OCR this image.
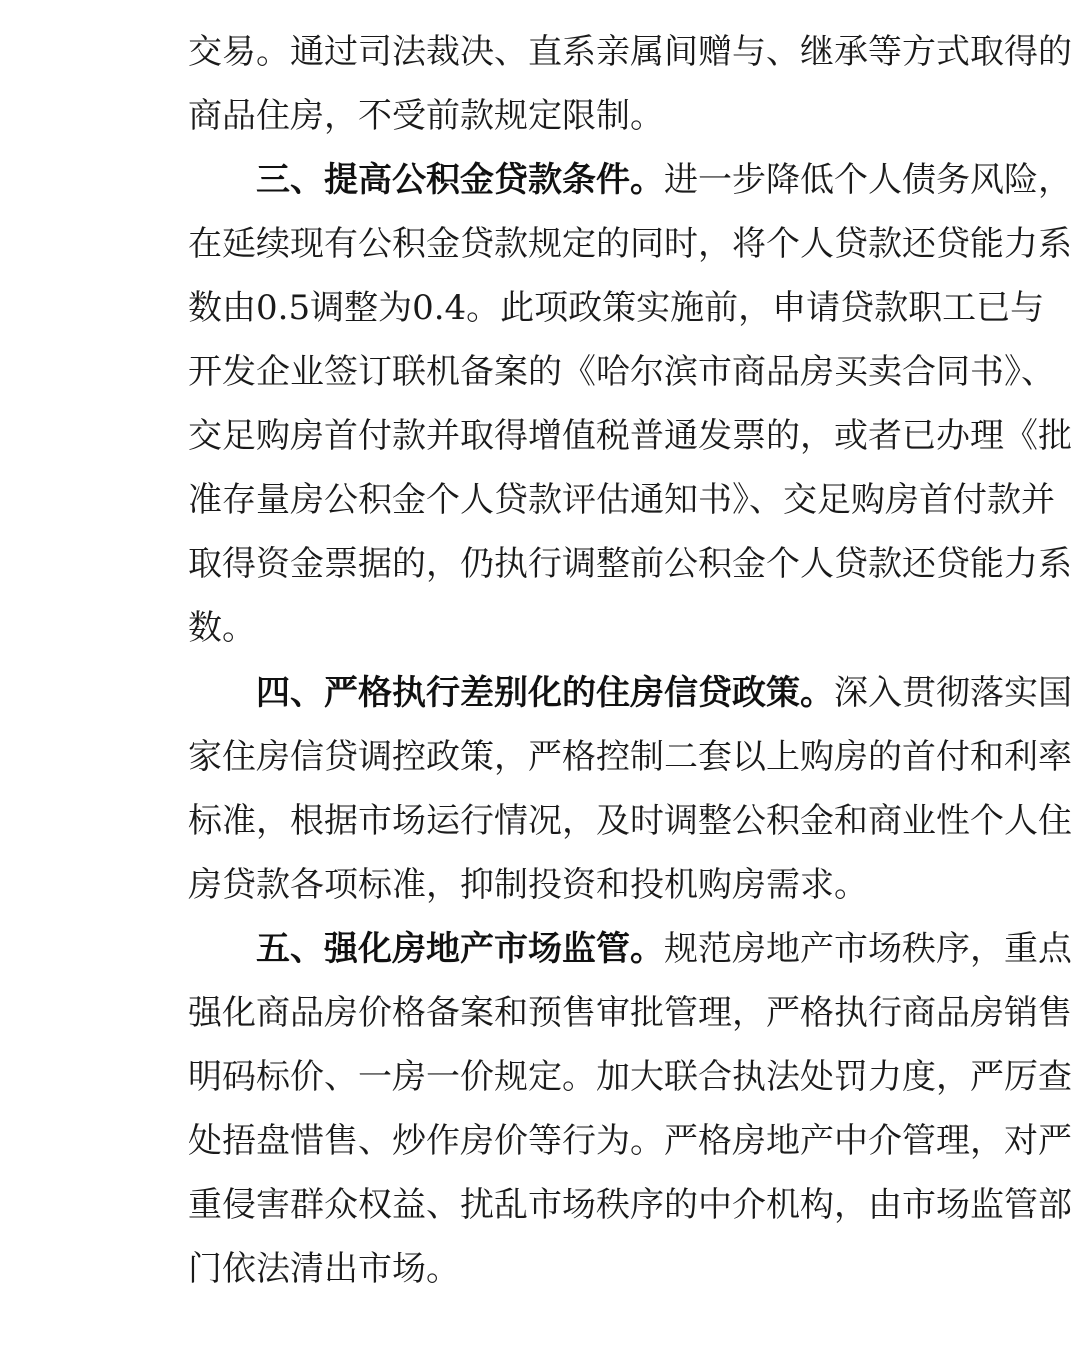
交易。通过司法裁决、直系亲属间赠与、继承等方式取得的
商品住房，不受前款规定限制。
三、提高公积金贷款条件。进一步降低个人债务风险，
在延续现有公积金贷款规定的同时，将个人贷款还贷能力系
数由0.5调整为0.4。此项政策实施前，申请贷款职工已与
开发企业签订联机备案的《哈尔滨市商品房买卖合同书》、
交足购房首付款并取得增值税普通发票的，或者已办理《批
准存量房公积金个人贷款评估通知书》、交足购房首付款并
取得资金票据的，仍执行调整前公积金个人贷款还贷能力系
数。
四、严格执行差别化的住房信贷政策。深入贯彻落实国
家住房信贷调控政策，严格控制二套以上购房的首付和利率
标准，根据市场运行情况，及时调整公积金和商业性个人住
房贷款各项标准，抑制投资和投机购房需求。
五、强化房地产市场监管。规范房地产市场秩序，重点
强化商品房价格备案和预售审批管理，严格执行商品房销售
明码标价、一房一价规定。加大联合执法处罚力度，严厉查
处捂盘惜售、炒作房价等行为。严格房地产中介管理，对严
重侵害群众权益、扰乱市场秩序的中介机构，由市场监管部
门依法清出市场。
